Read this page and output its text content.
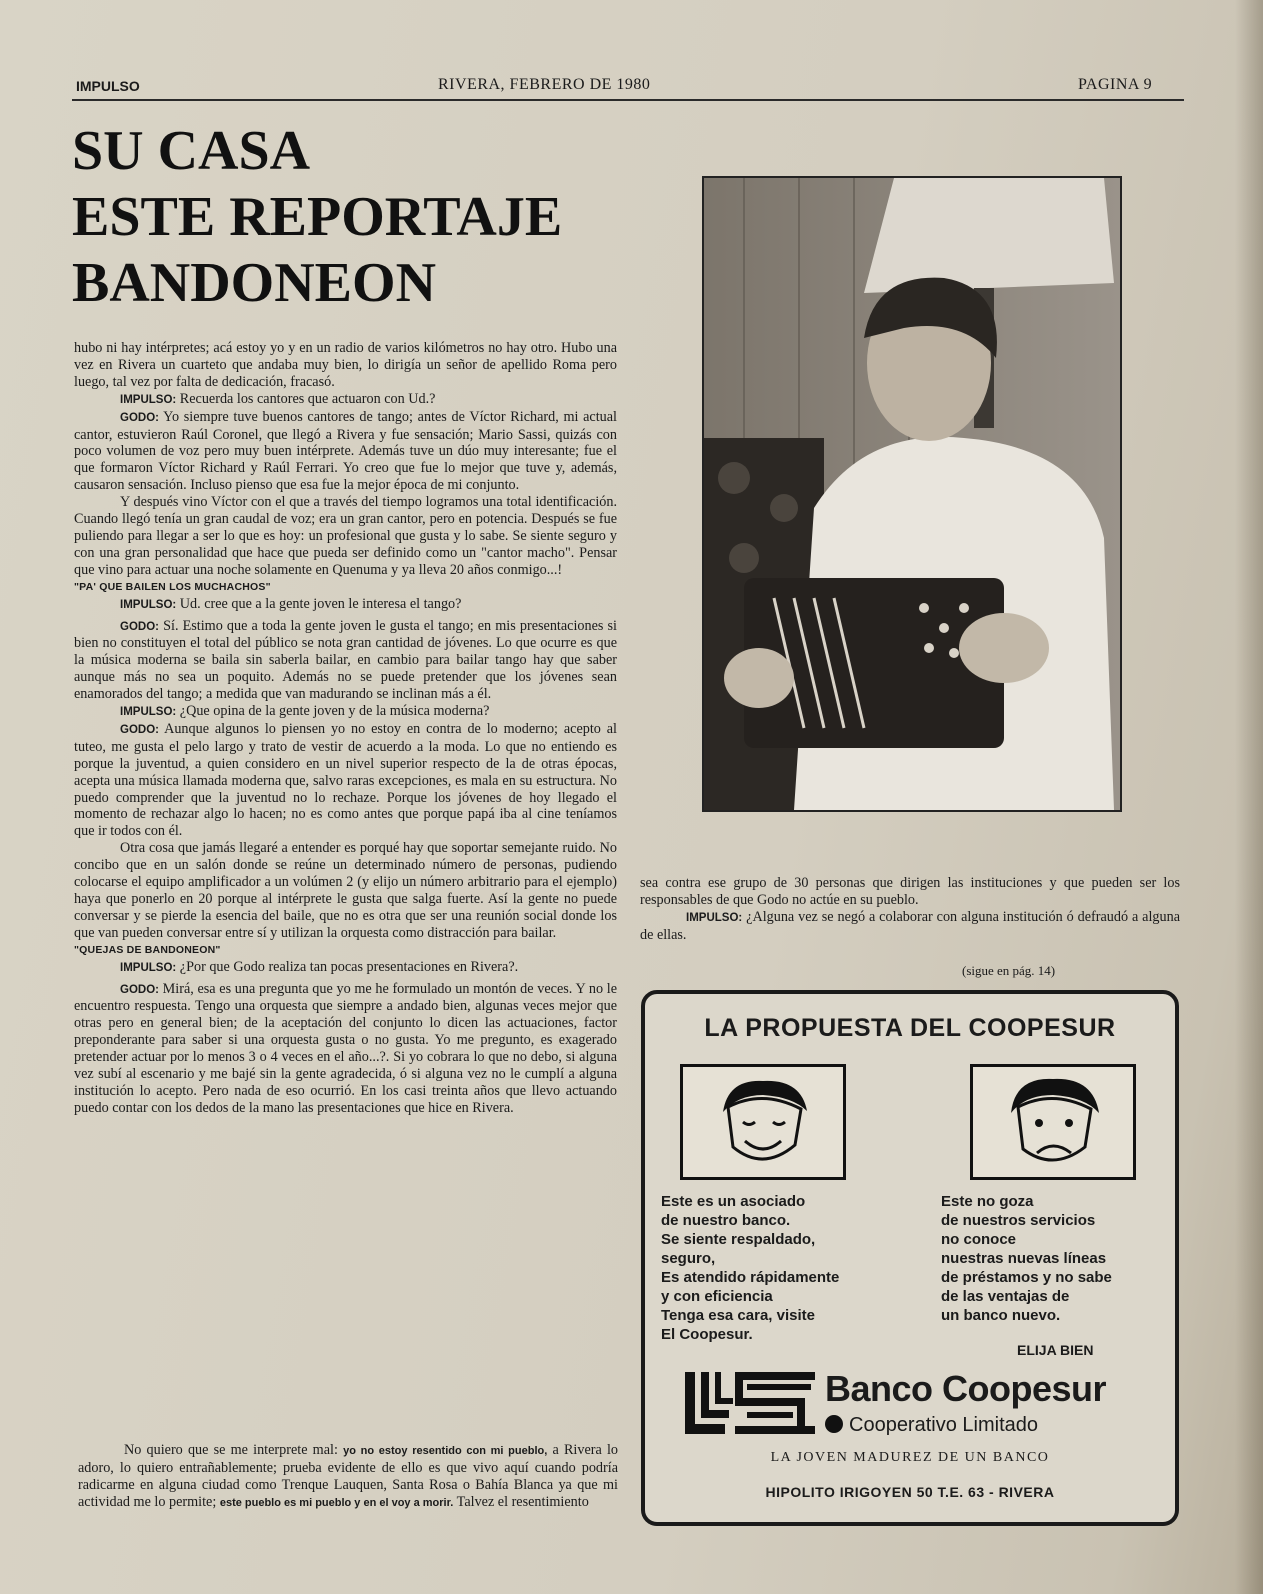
IMPULSO	RIVERA, FEBRERO DE 1980	PAGINA 9
SU CASA
ESTE REPORTAJE
BANDONEON

hubo ni hay intérpretes; acá estoy yo y en un radio de varios kilómetros no hay otro. Hubo una vez en Rivera un cuarteto que andaba muy bien, lo dirigía un señor de apellido Roma pero luego, tal vez por falta de dedicación, fracasó.

IMPULSO: Recuerda los cantores que actuaron con Ud.?

GODO: Yo siempre tuve buenos cantores de tango; antes de Víctor Richard, mi actual cantor, estuvieron Raúl Coronel, que llegó a Rivera y fue sensación; Mario Sassi, quizás con poco volumen de voz pero muy buen intérprete. Además tuve un dúo muy interesante; fue el que formaron Víctor Richard y Raúl Ferrari. Yo creo que fue lo mejor que tuve y, además, causaron sensación. Incluso pienso que esa fue la mejor época de mi conjunto.

Y después vino Víctor con el que a través del tiempo logramos una total identificación. Cuando llegó tenía un gran caudal de voz; era un gran cantor, pero en potencia. Después se fue puliendo para llegar a ser lo que es hoy: un profesional que gusta y lo sabe. Se siente seguro y con una gran personalidad que hace que pueda ser definido como un "cantor macho". Pensar que vino para actuar una noche solamente en Quenuma y ya lleva 20 años conmigo...!

"PA' QUE BAILEN LOS MUCHACHOS"

IMPULSO: Ud. cree que a la gente joven le interesa el tango?

GODO: Sí. Estimo que a toda la gente joven le gusta el tango; en mis presentaciones si bien no constituyen el total del público se nota gran cantidad de jóvenes. Lo que ocurre es que la música moderna se baila sin saberla bailar, en cambio para bailar tango hay que saber aunque más no sea un poquito. Además no se puede pretender que los jóvenes sean enamorados del tango; a medida que van madurando se inclinan más a él.

IMPULSO: ¿Que opina de la gente joven y de la música moderna?

GODO: Aunque algunos lo piensen yo no estoy en contra de lo moderno; acepto al tuteo, me gusta el pelo largo y trato de vestir de acuerdo a la moda. Lo que no entiendo es porque la juventud, a quien considero en un nivel superior respecto de la de otras épocas, acepta una música llamada moderna que, salvo raras excepciones, es mala en su estructura. No puedo comprender que la juventud no lo rechaze. Porque los jóvenes de hoy llegado el momento de rechazar algo lo hacen; no es como antes que porque papá iba al cine teníamos que ir todos con él.

Otra cosa que jamás llegaré a entender es porqué hay que soportar semejante ruido. No concibo que en un salón donde se reúne un determinado número de personas, pudiendo colocarse el equipo amplificador a un volúmen 2 (y elijo un número arbitrario para el ejemplo) haya que ponerlo en 20 porque al intérprete le gusta que salga fuerte. Así la gente no puede conversar y se pierde la esencia del baile, que no es otra que ser una reunión social donde los que van pueden conversar entre sí y utilizan la orquesta como distracción para bailar.

"QUEJAS DE BANDONEON"

IMPULSO: ¿Por que Godo realiza tan pocas presentaciones en Rivera?.

GODO: Mirá, esa es una pregunta que yo me he formulado un montón de veces. Y no le encuentro respuesta. Tengo una orquesta que siempre a andado bien, algunas veces mejor que otras pero en general bien; de la aceptación del conjunto lo dicen las actuaciones, factor preponderante para saber si una orquesta gusta o no gusta. Yo me pregunto, es exagerado pretender actuar por lo menos 3 o 4 veces en el año...?. Si yo cobrara lo que no debo, si alguna vez subí al escenario y me bajé sin la gente agradecida, ó si alguna vez no le cumplí a alguna institución lo acepto. Pero nada de eso ocurrió. En los casi treinta años que llevo actuando puedo contar con los dedos de la mano las presentaciones que hice en Rivera.

No quiero que se me interprete mal: yo no estoy resentido con mi pueblo, a Rivera lo adoro, lo quiero entrañablemente; prueba evidente de ello es que vivo aquí cuando podría radicarme en alguna ciudad como Trenque Lauquen, Santa Rosa o Bahía Blanca ya que mi actividad me lo permite; este pueblo es mi pueblo y en el voy a morir. Talvez el resentimiento

sea contra ese grupo de 30 personas que dirigen las instituciones y que pueden ser los responsables de que Godo no actúe en su pueblo.

IMPULSO: ¿Alguna vez se negó a colaborar con alguna institución ó defraudó a alguna de ellas.

(sigue en pág. 14)
LA PROPUESTA DEL COOPESUR
Este es un asociado
de nuestro banco.
Se siente respaldado,
seguro,
Es atendido rápidamente
y con eficiencia
Tenga esa cara, visite
El Coopesur.
Este no goza
de nuestros servicios
no conoce
nuestras nuevas líneas
de préstamos y no sabe
de las ventajas de
un banco nuevo.
ELIJA BIEN
Banco Coopesur
Cooperativo Limitado
LA JOVEN MADUREZ DE UN BANCO
HIPOLITO IRIGOYEN 50 T.E. 63 - RIVERA
